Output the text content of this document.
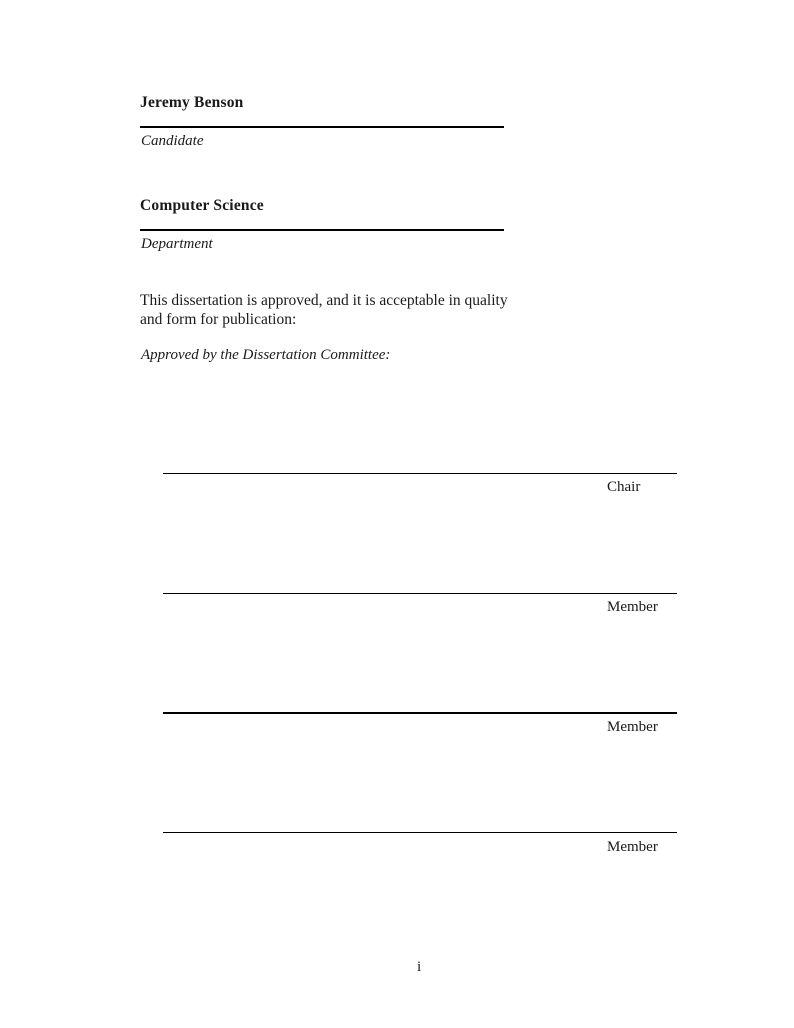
Jeremy Benson
Candidate
Computer Science
Department
This dissertation is approved, and it is acceptable in quality
and form for publication:
Approved by the Dissertation Committee:
Chair
Member
Member
Member
i
